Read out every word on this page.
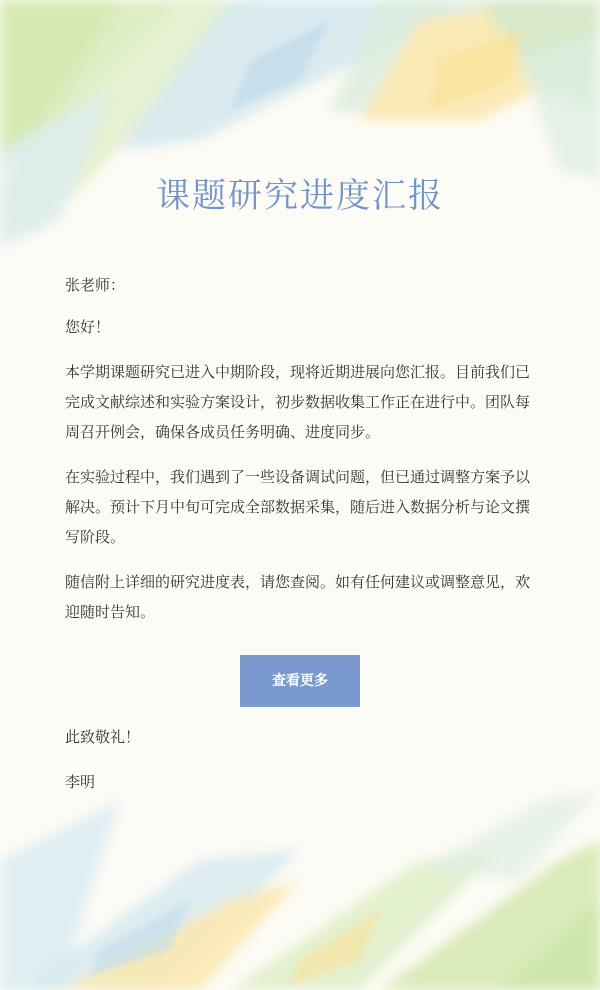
课题研究进度汇报

张老师：

您好！

本学期课题研究已进入中期阶段，现将近期进展向您汇报。目前我们已完成文献综述和实验方案设计，初步数据收集工作正在进行中。团队每周召开例会，确保各成员任务明确、进度同步。

在实验过程中，我们遇到了一些设备调试问题，但已通过调整方案予以解决。预计下月中旬可完成全部数据采集，随后进入数据分析与论文撰写阶段。

随信附上详细的研究进度表，请您查阅。如有任何建议或调整意见，欢迎随时告知。

查看更多

此致敬礼！

李明
